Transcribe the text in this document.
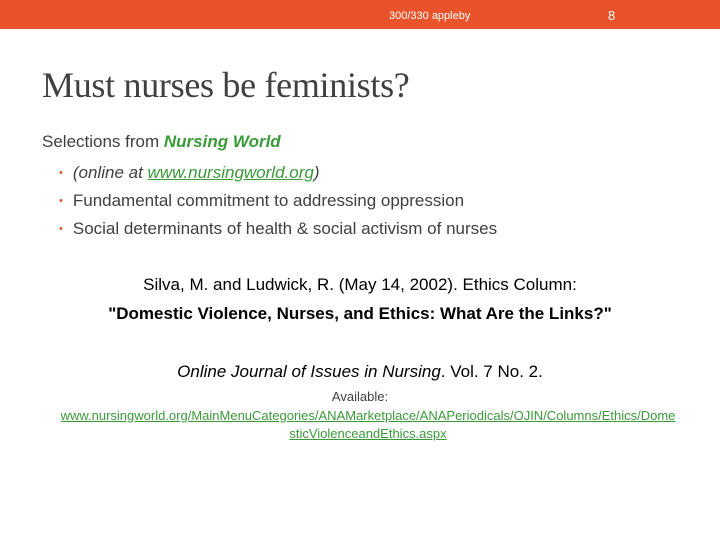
300/330 appleby	8
Must nurses be feminists?
Selections from Nursing World
• (online at www.nursingworld.org)
• Fundamental commitment to addressing oppression
• Social determinants of health & social activism of nurses
Silva, M. and Ludwick, R. (May 14, 2002). Ethics Column:
"Domestic Violence, Nurses, and Ethics: What Are the Links?"
Online Journal of Issues in Nursing. Vol. 7 No. 2.
Available:
www.nursingworld.org/MainMenuCategories/ANAMarketplace/ANAPeriodicals/OJIN/Columns/Ethics/DomesticViolenceandEthics.aspx
